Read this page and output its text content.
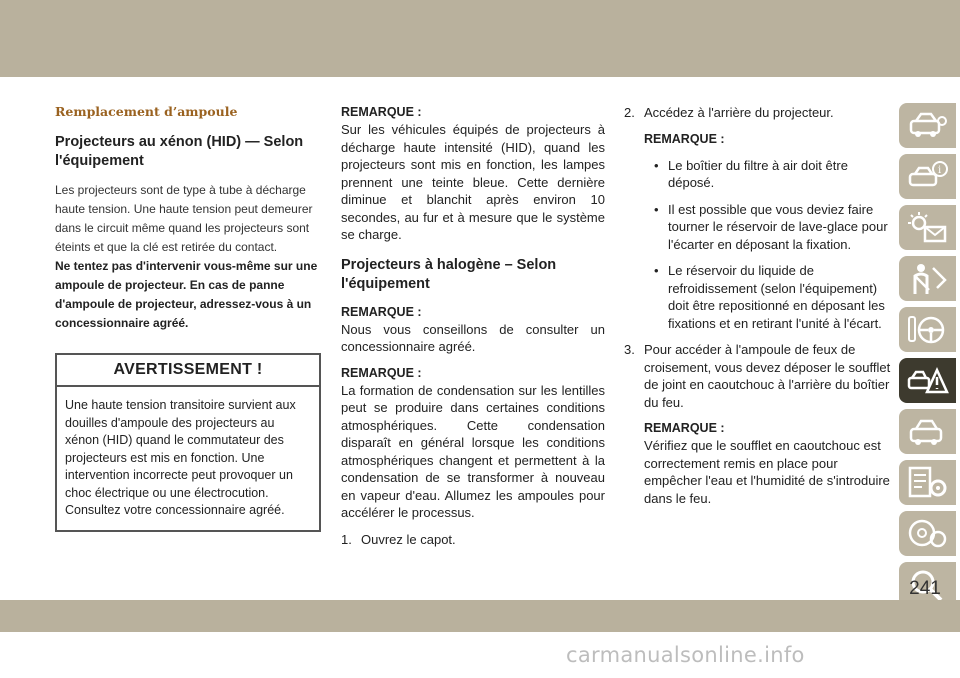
Remplacement d’ampoule
Projecteurs au xénon (HID) — Selon l'équipement

Les projecteurs sont de type à tube à décharge haute tension. Une haute tension peut demeurer dans le circuit même quand les projecteurs sont éteints et que la clé est retirée du contact.

Ne tentez pas d'intervenir vous-même sur une ampoule de projecteur. En cas de panne d'ampoule de projecteur, adressez-vous à un concessionnaire agréé.

AVERTISSEMENT !
Une haute tension transitoire survient aux douilles d'ampoule des projecteurs au xénon (HID) quand le commutateur des projecteurs est mis en fonction. Une intervention incorrecte peut provoquer un choc électrique ou une électrocution. Consultez votre concessionnaire agréé.
REMARQUE :

Sur les véhicules équipés de projecteurs à décharge haute intensité (HID), quand les projecteurs sont mis en fonction, les lampes prennent une teinte bleue. Cette dernière diminue et blanchit après environ 10 secondes, au fur et à mesure que le système se charge.

Projecteurs à halogène – Selon l'équipement
REMARQUE :

Nous vous conseillons de consulter un concessionnaire agréé.

REMARQUE :

La formation de condensation sur les lentilles peut se produire dans certaines conditions atmosphériques. Cette condensation disparaît en général lorsque les conditions atmosphériques changent et permettent à la condensation de se transformer à nouveau en vapeur d'eau. Allumez les ampoules pour accélérer le processus.

1. Ouvrez le capot.
2. Accédez à l'arrière du projecteur.
REMARQUE :
• Le boîtier du filtre à air doit être déposé.
• Il est possible que vous deviez faire tourner le réservoir de lave-glace pour l'écarter en déposant la fixation.
• Le réservoir du liquide de refroidissement (selon l'équipement) doit être repositionné en déposant les fixations et en retirant l'unité à l'écart.
3. Pour accéder à l'ampoule de feux de croisement, vous devez déposer le soufflet de joint en caoutchouc à l'arrière du boîtier du feu.
REMARQUE :

Vérifiez que le soufflet en caoutchouc est correctement remis en place pour empêcher l'eau et l'humidité de s'introduire dans le feu.

i
241
carmanualsonline.info
